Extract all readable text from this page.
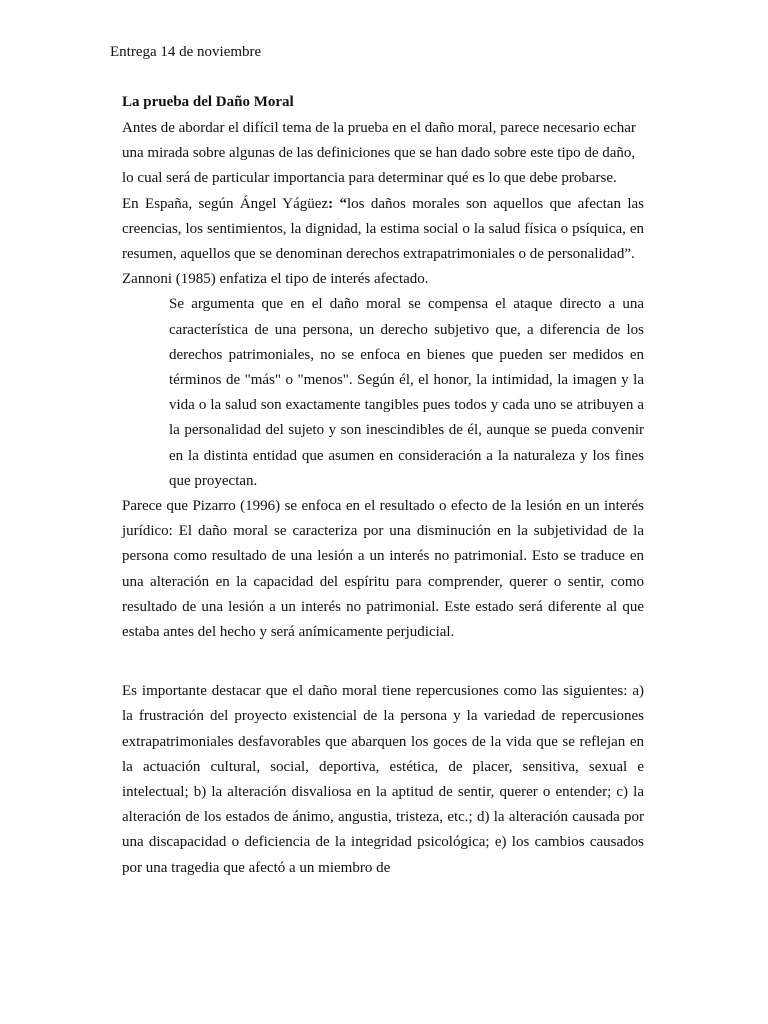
Entrega 14 de noviembre

La prueba del Daño Moral

Antes de abordar el difícil tema de la prueba en el daño moral, parece necesario echar una mirada sobre algunas de las definiciones que se han dado sobre este tipo de daño, lo cual será de particular importancia para determinar qué es lo que debe probarse.

En España, según Ángel Yágüez: “los daños morales son aquellos que afectan las creencias, los sentimientos, la dignidad, la estima social o la salud física o psíquica, en resumen, aquellos que se denominan derechos extrapatrimoniales o de personalidad”.

Zannoni (1985) enfatiza el tipo de interés afectado.

Se argumenta que en el daño moral se compensa el ataque directo a una característica de una persona, un derecho subjetivo que, a diferencia de los derechos patrimoniales, no se enfoca en bienes que pueden ser medidos en términos de "más" o "menos". Según él, el honor, la intimidad, la imagen y la vida o la salud son exactamente tangibles pues todos y cada uno se atribuyen a la personalidad del sujeto y son inescindibles de él, aunque se pueda convenir en la distinta entidad que asumen en consideración a la naturaleza y los fines que proyectan.

Parece que Pizarro (1996) se enfoca en el resultado o efecto de la lesión en un interés jurídico: El daño moral se caracteriza por una disminución en la subjetividad de la persona como resultado de una lesión a un interés no patrimonial. Esto se traduce en una alteración en la capacidad del espíritu para comprender, querer o sentir, como resultado de una lesión a un interés no patrimonial. Este estado será diferente al que estaba antes del hecho y será anímicamente perjudicial.

Es importante destacar que el daño moral tiene repercusiones como las siguientes: a) la frustración del proyecto existencial de la persona y la variedad de repercusiones extrapatrimoniales desfavorables que abarquen los goces de la vida que se reflejan en la actuación cultural, social, deportiva, estética, de placer, sensitiva, sexual e intelectual; b) la alteración disvaliosa en la aptitud de sentir, querer o entender; c) la alteración de los estados de ánimo, angustia, tristeza, etc.; d) la alteración causada por una discapacidad o deficiencia de la integridad psicológica; e) los cambios causados por una tragedia que afectó a un miembro de
